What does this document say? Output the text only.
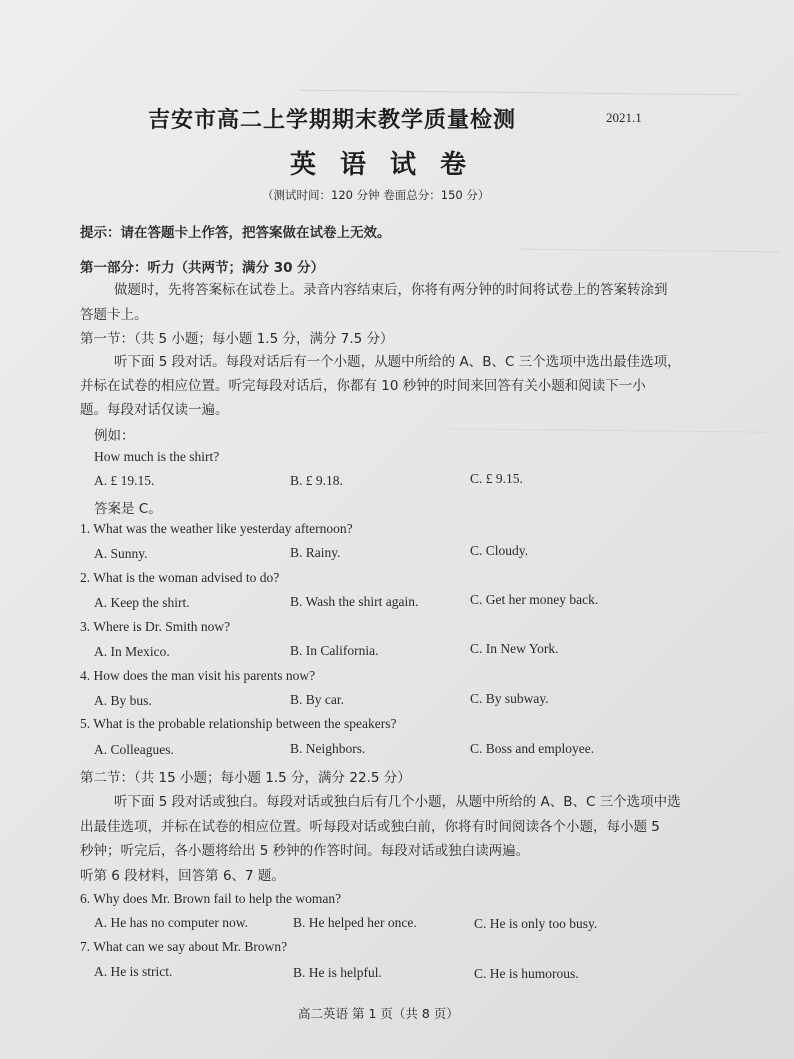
吉安市高二上学期期末教学质量检测	2021.1
英语试卷
（测试时间：120 分钟 卷面总分：150 分）
提示：请在答题卡上作答，把答案做在试卷上无效。
第一部分：听力（共两节；满分 30 分）
做题时，先将答案标在试卷上。录音内容结束后，你将有两分钟的时间将试卷上的答案转涂到
答题卡上。
第一节：（共 5 小题；每小题 1.5 分，满分 7.5 分）
听下面 5 段对话。每段对话后有一个小题，从题中所给的 A、B、C 三个选项中选出最佳选项，
并标在试卷的相应位置。听完每段对话后，你都有 10 秒钟的时间来回答有关小题和阅读下一小
题。每段对话仅读一遍。
例如：
How much is the shirt?
A. £ 19.15.	B. £ 9.18.	C. £ 9.15.
答案是 C。
1. What was the weather like yesterday afternoon?
A. Sunny.	B. Rainy.	C. Cloudy.
2. What is the woman advised to do?
A. Keep the shirt.	B. Wash the shirt again.	C. Get her money back.
3. Where is Dr. Smith now?
A. In Mexico.	B. In California.	C. In New York.
4. How does the man visit his parents now?
A. By bus.	B. By car.	C. By subway.
5. What is the probable relationship between the speakers?
A. Colleagues.	B. Neighbors.	C. Boss and employee.
第二节：（共 15 小题；每小题 1.5 分，满分 22.5 分）
听下面 5 段对话或独白。每段对话或独白后有几个小题，从题中所给的 A、B、C 三个选项中选
出最佳选项，并标在试卷的相应位置。听每段对话或独白前，你将有时间阅读各个小题，每小题 5
秒钟；听完后，各小题将给出 5 秒钟的作答时间。每段对话或独白读两遍。
听第 6 段材料，回答第 6、7 题。
6. Why does Mr. Brown fail to help the woman?
A. He has no computer now.	B. He helped her once.	C. He is only too busy.
7. What can we say about Mr. Brown?
A. He is strict.	B. He is helpful.	C. He is humorous.
高二英语 第 1 页（共 8 页）
